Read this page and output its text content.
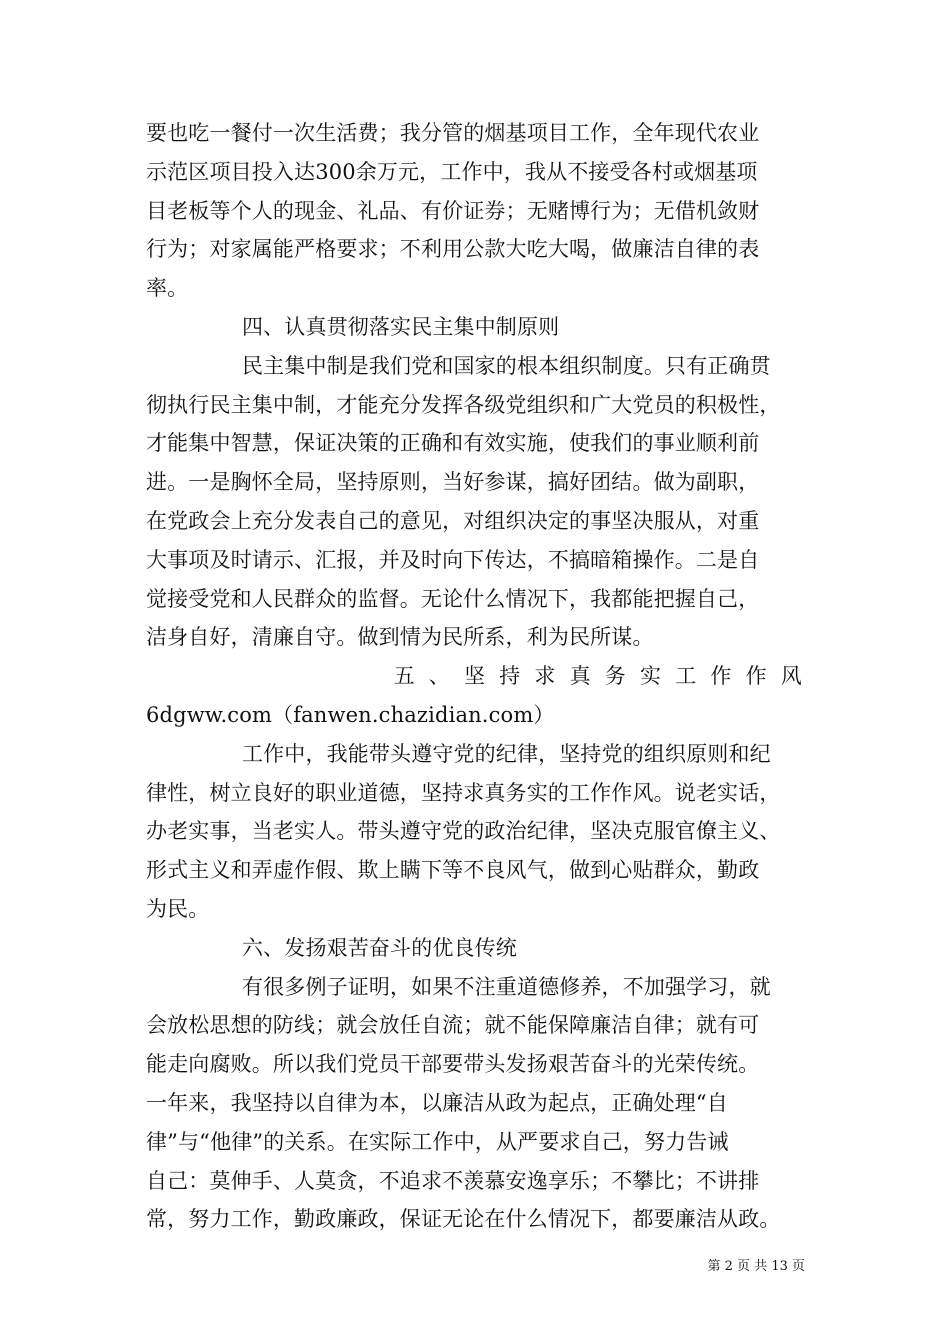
要也吃一餐付一次生活费；我分管的烟基项目工作，全年现代农业
示范区项目投入达300余万元，工作中，我从不接受各村或烟基项
目老板等个人的现金、礼品、有价证券；无赌博行为；无借机敛财
行为；对家属能严格要求；不利用公款大吃大喝，做廉洁自律的表
率。
四、认真贯彻落实民主集中制原则
民主集中制是我们党和国家的根本组织制度。只有正确贯
彻执行民主集中制，才能充分发挥各级党组织和广大党员的积极性，
才能集中智慧，保证决策的正确和有效实施，使我们的事业顺利前
进。一是胸怀全局，坚持原则，当好参谋，搞好团结。做为副职，
在党政会上充分发表自己的意见，对组织决定的事坚决服从，对重
大事项及时请示、汇报，并及时向下传达，不搞暗箱操作。二是自
觉接受党和人民群众的监督。无论什么情况下，我都能把握自己，
洁身自好，清廉自守。做到情为民所系，利为民所谋。
五、坚持求真务实工作作风
6dgww.com（fanwen.chazidian.com）
工作中，我能带头遵守党的纪律，坚持党的组织原则和纪
律性，树立良好的职业道德，坚持求真务实的工作作风。说老实话，
办老实事，当老实人。带头遵守党的政治纪律，坚决克服官僚主义、
形式主义和弄虚作假、欺上瞒下等不良风气，做到心贴群众，勤政
为民。
六、发扬艰苦奋斗的优良传统
有很多例子证明，如果不注重道德修养，不加强学习，就
会放松思想的防线；就会放任自流；就不能保障廉洁自律；就有可
能走向腐败。所以我们党员干部要带头发扬艰苦奋斗的光荣传统。
一年来，我坚持以自律为本，以廉洁从政为起点，正确处理“自
律”与“他律”的关系。在实际工作中，从严要求自己，努力告诫
自己：莫伸手、人莫贪，不追求不羡慕安逸享乐；不攀比；不讲排
常，努力工作，勤政廉政，保证无论在什么情况下，都要廉洁从政。
第 2 页 共 13 页
